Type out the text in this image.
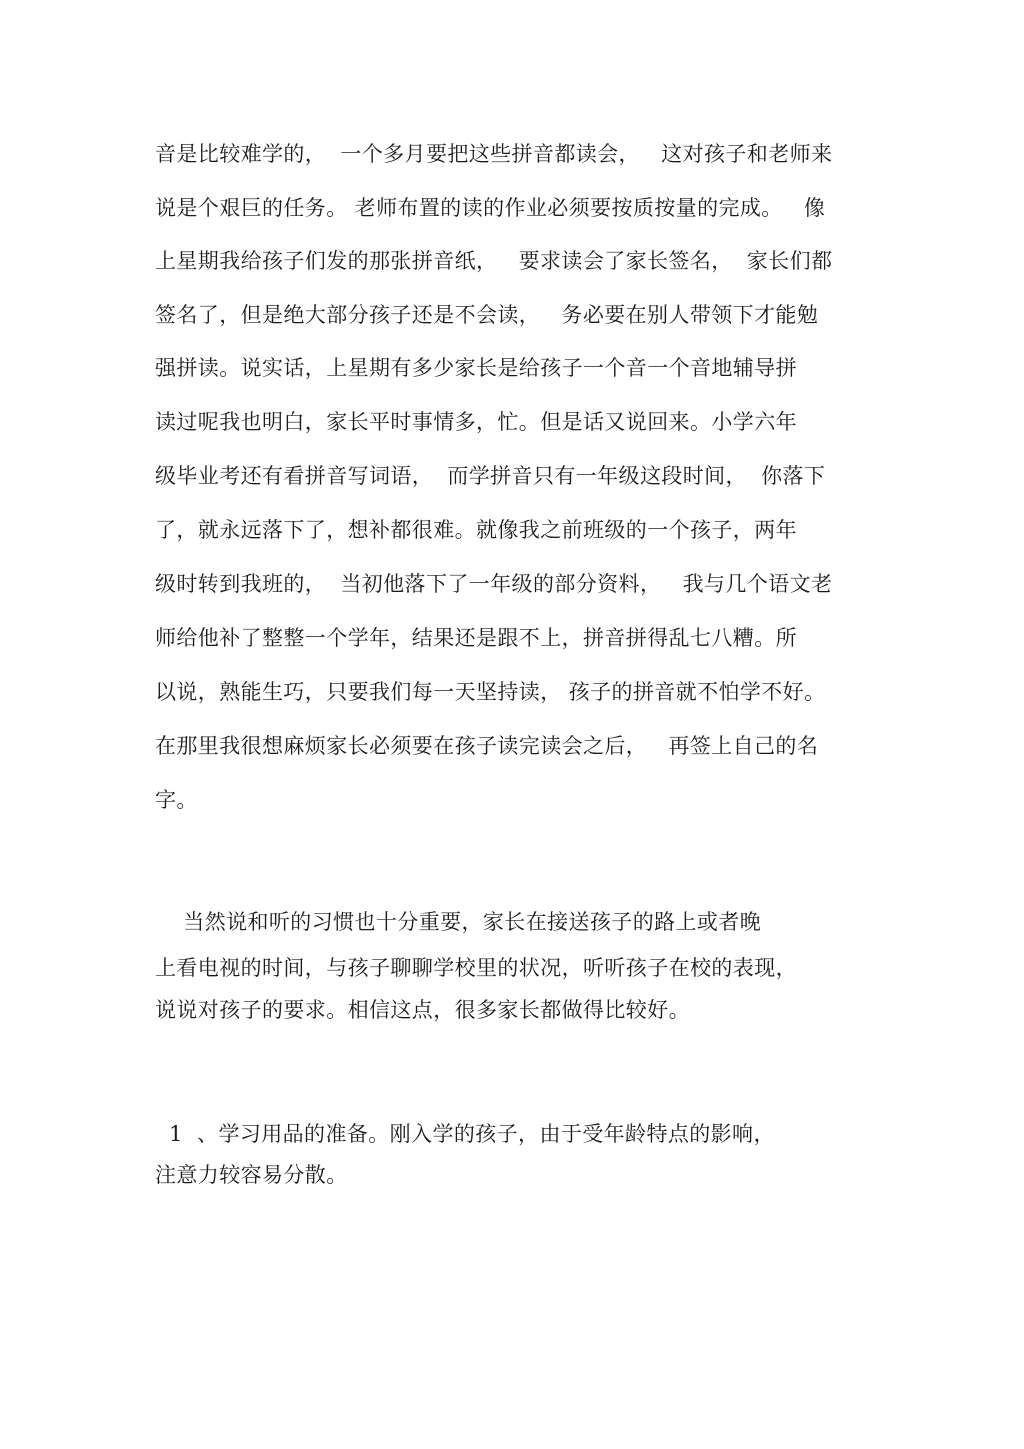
音是比较难学的，  一个多月要把这些拼音都读会，   这对孩子和老师来
说是个艰巨的任务。 老师布置的读的作业必须要按质按量的完成。   像
上星期我给孩子们发的那张拼音纸，   要求读会了家长签名，  家长们都
签名了，但是绝大部分孩子还是不会读，   务必要在别人带领下才能勉
强拼读。说实话，上星期有多少家长是给孩子一个音一个音地辅导拼
读过呢我也明白，家长平时事情多，忙。但是话又说回来。小学六年
级毕业考还有看拼音写词语，  而学拼音只有一年级这段时间，  你落下
了，就永远落下了，想补都很难。就像我之前班级的一个孩子，两年
级时转到我班的，  当初他落下了一年级的部分资料，   我与几个语文老
师给他补了整整一个学年，结果还是跟不上，拼音拼得乱七八糟。所
以说，熟能生巧，只要我们每一天坚持读， 孩子的拼音就不怕学不好。
在那里我很想麻烦家长必须要在孩子读完读会之后，   再签上自己的名
字。
当然说和听的习惯也十分重要，家长在接送孩子的路上或者晚
上看电视的时间，与孩子聊聊学校里的状况，听听孩子在校的表现，
说说对孩子的要求。相信这点，很多家长都做得比较好。
1  、学习用品的准备。刚入学的孩子，由于受年龄特点的影响，
注意力较容易分散。
